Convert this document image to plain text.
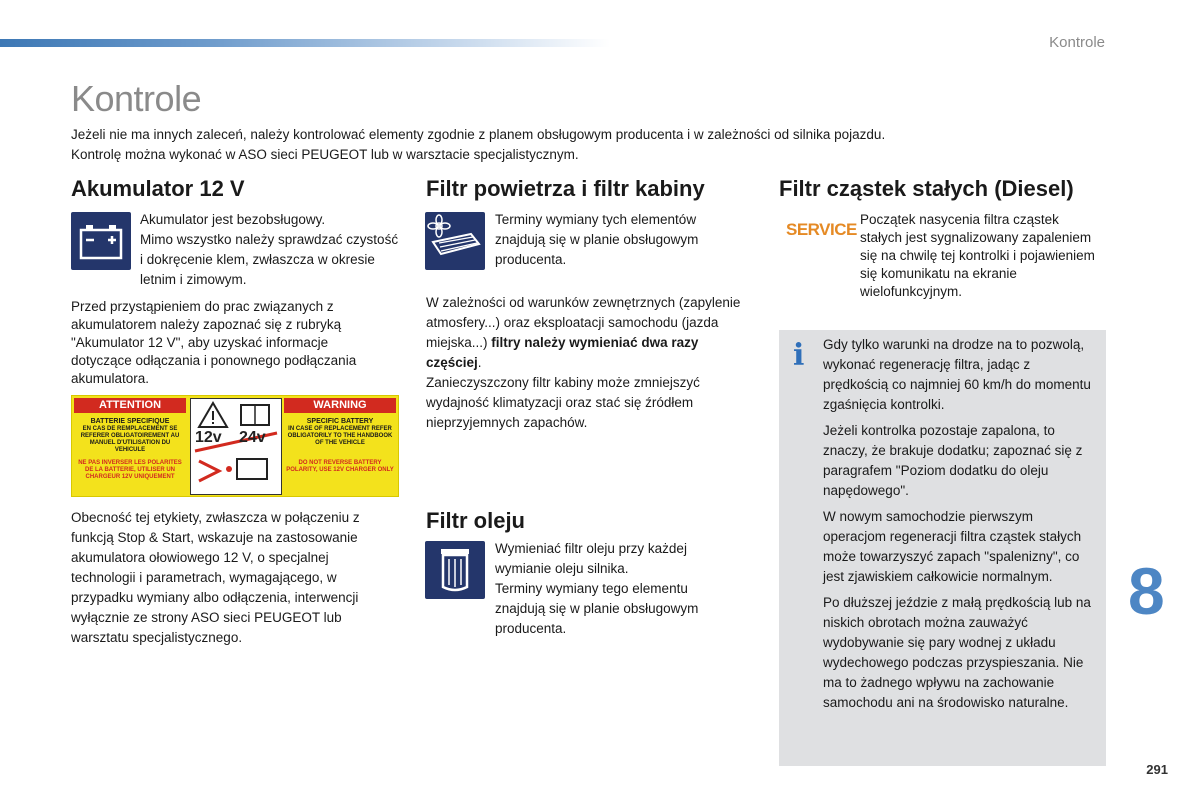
Kontrole
Kontrole

Jeżeli nie ma innych zaleceń, należy kontrolować elementy zgodnie z planem obsługowym producenta i w zależności od silnika pojazdu.

Kontrolę można wykonać w ASO sieci PEUGEOT lub w warsztacie specjalistycznym.

Akumulator 12 V

Akumulator jest bezobsługowy.

Mimo wszystko należy sprawdzać czystość i dokręcenie klem, zwłaszcza w okresie letnim i zimowym.

Przed przystąpieniem do prac związanych z akumulatorem należy zapoznać się z rubryką "Akumulator 12 V", aby uzyskać informacje dotyczące odłączania i ponownego podłączania akumulatora.

ATTENTION	WARNING
BATTERIE SPECIFIQUE
EN CAS DE REMPLACEMENT SE REFERER OBLIGATOIREMENT AU MANUEL D'UTILISATION DU VEHICULE
NE PAS INVERSER LES POLARITES DE LA BATTERIE, UTILISER UN CHARGEUR 12V UNIQUEMENT
SPECIFIC BATTERY
IN CASE OF REPLACEMENT REFER OBLIGATORILY TO THE HANDBOOK OF THE VEHICLE
DO NOT REVERSE BATTERY POLARITY, USE 12V CHARGER ONLY
12v 24v

Obecność tej etykiety, zwłaszcza w połączeniu z funkcją Stop & Start, wskazuje na zastosowanie akumulatora ołowiowego 12 V, o specjalnej technologii i parametrach, wymagającego, w przypadku wymiany albo odłączenia, interwencji wyłącznie ze strony ASO sieci PEUGEOT lub warsztatu specjalistycznego.

Filtr powietrza i filtr kabiny

Terminy wymiany tych elementów znajdują się w planie obsługowym producenta.

W zależności od warunków zewnętrznych (zapylenie atmosfery...) oraz eksploatacji samochodu (jazda miejska...) filtry należy wymieniać dwa razy częściej.

Zanieczyszczony filtr kabiny może zmniejszyć wydajność klimatyzacji oraz stać się źródłem nieprzyjemnych zapachów.

Filtr oleju

Wymieniać filtr oleju przy każdej wymianie oleju silnika.

Terminy wymiany tego elementu znajdują się w planie obsługowym producenta.

Filtr cząstek stałych (Diesel)
SERVICE

Początek nasycenia filtra cząstek stałych jest sygnalizowany zapaleniem się na chwilę tej kontrolki i pojawieniem się komunikatu na ekranie wielofunkcyjnym.

i Gdy tylko warunki na drodze na to pozwolą, wykonać regenerację filtra, jadąc z prędkością co najmniej 60 km/h do momentu zgaśnięcia kontrolki.

Jeżeli kontrolka pozostaje zapalona, to znaczy, że brakuje dodatku; zapoznać się z paragrafem "Poziom dodatku do oleju napędowego".

W nowym samochodzie pierwszym operacjom regeneracji filtra cząstek stałych może towarzyszyć zapach "spalenizny", co jest zjawiskiem całkowicie normalnym.

Po dłuższej jeździe z małą prędkością lub na niskich obrotach można zauważyć wydobywanie się pary wodnej z układu wydechowego podczas przyspieszania. Nie ma to żadnego wpływu na zachowanie samochodu ani na środowisko naturalne.

8
291
